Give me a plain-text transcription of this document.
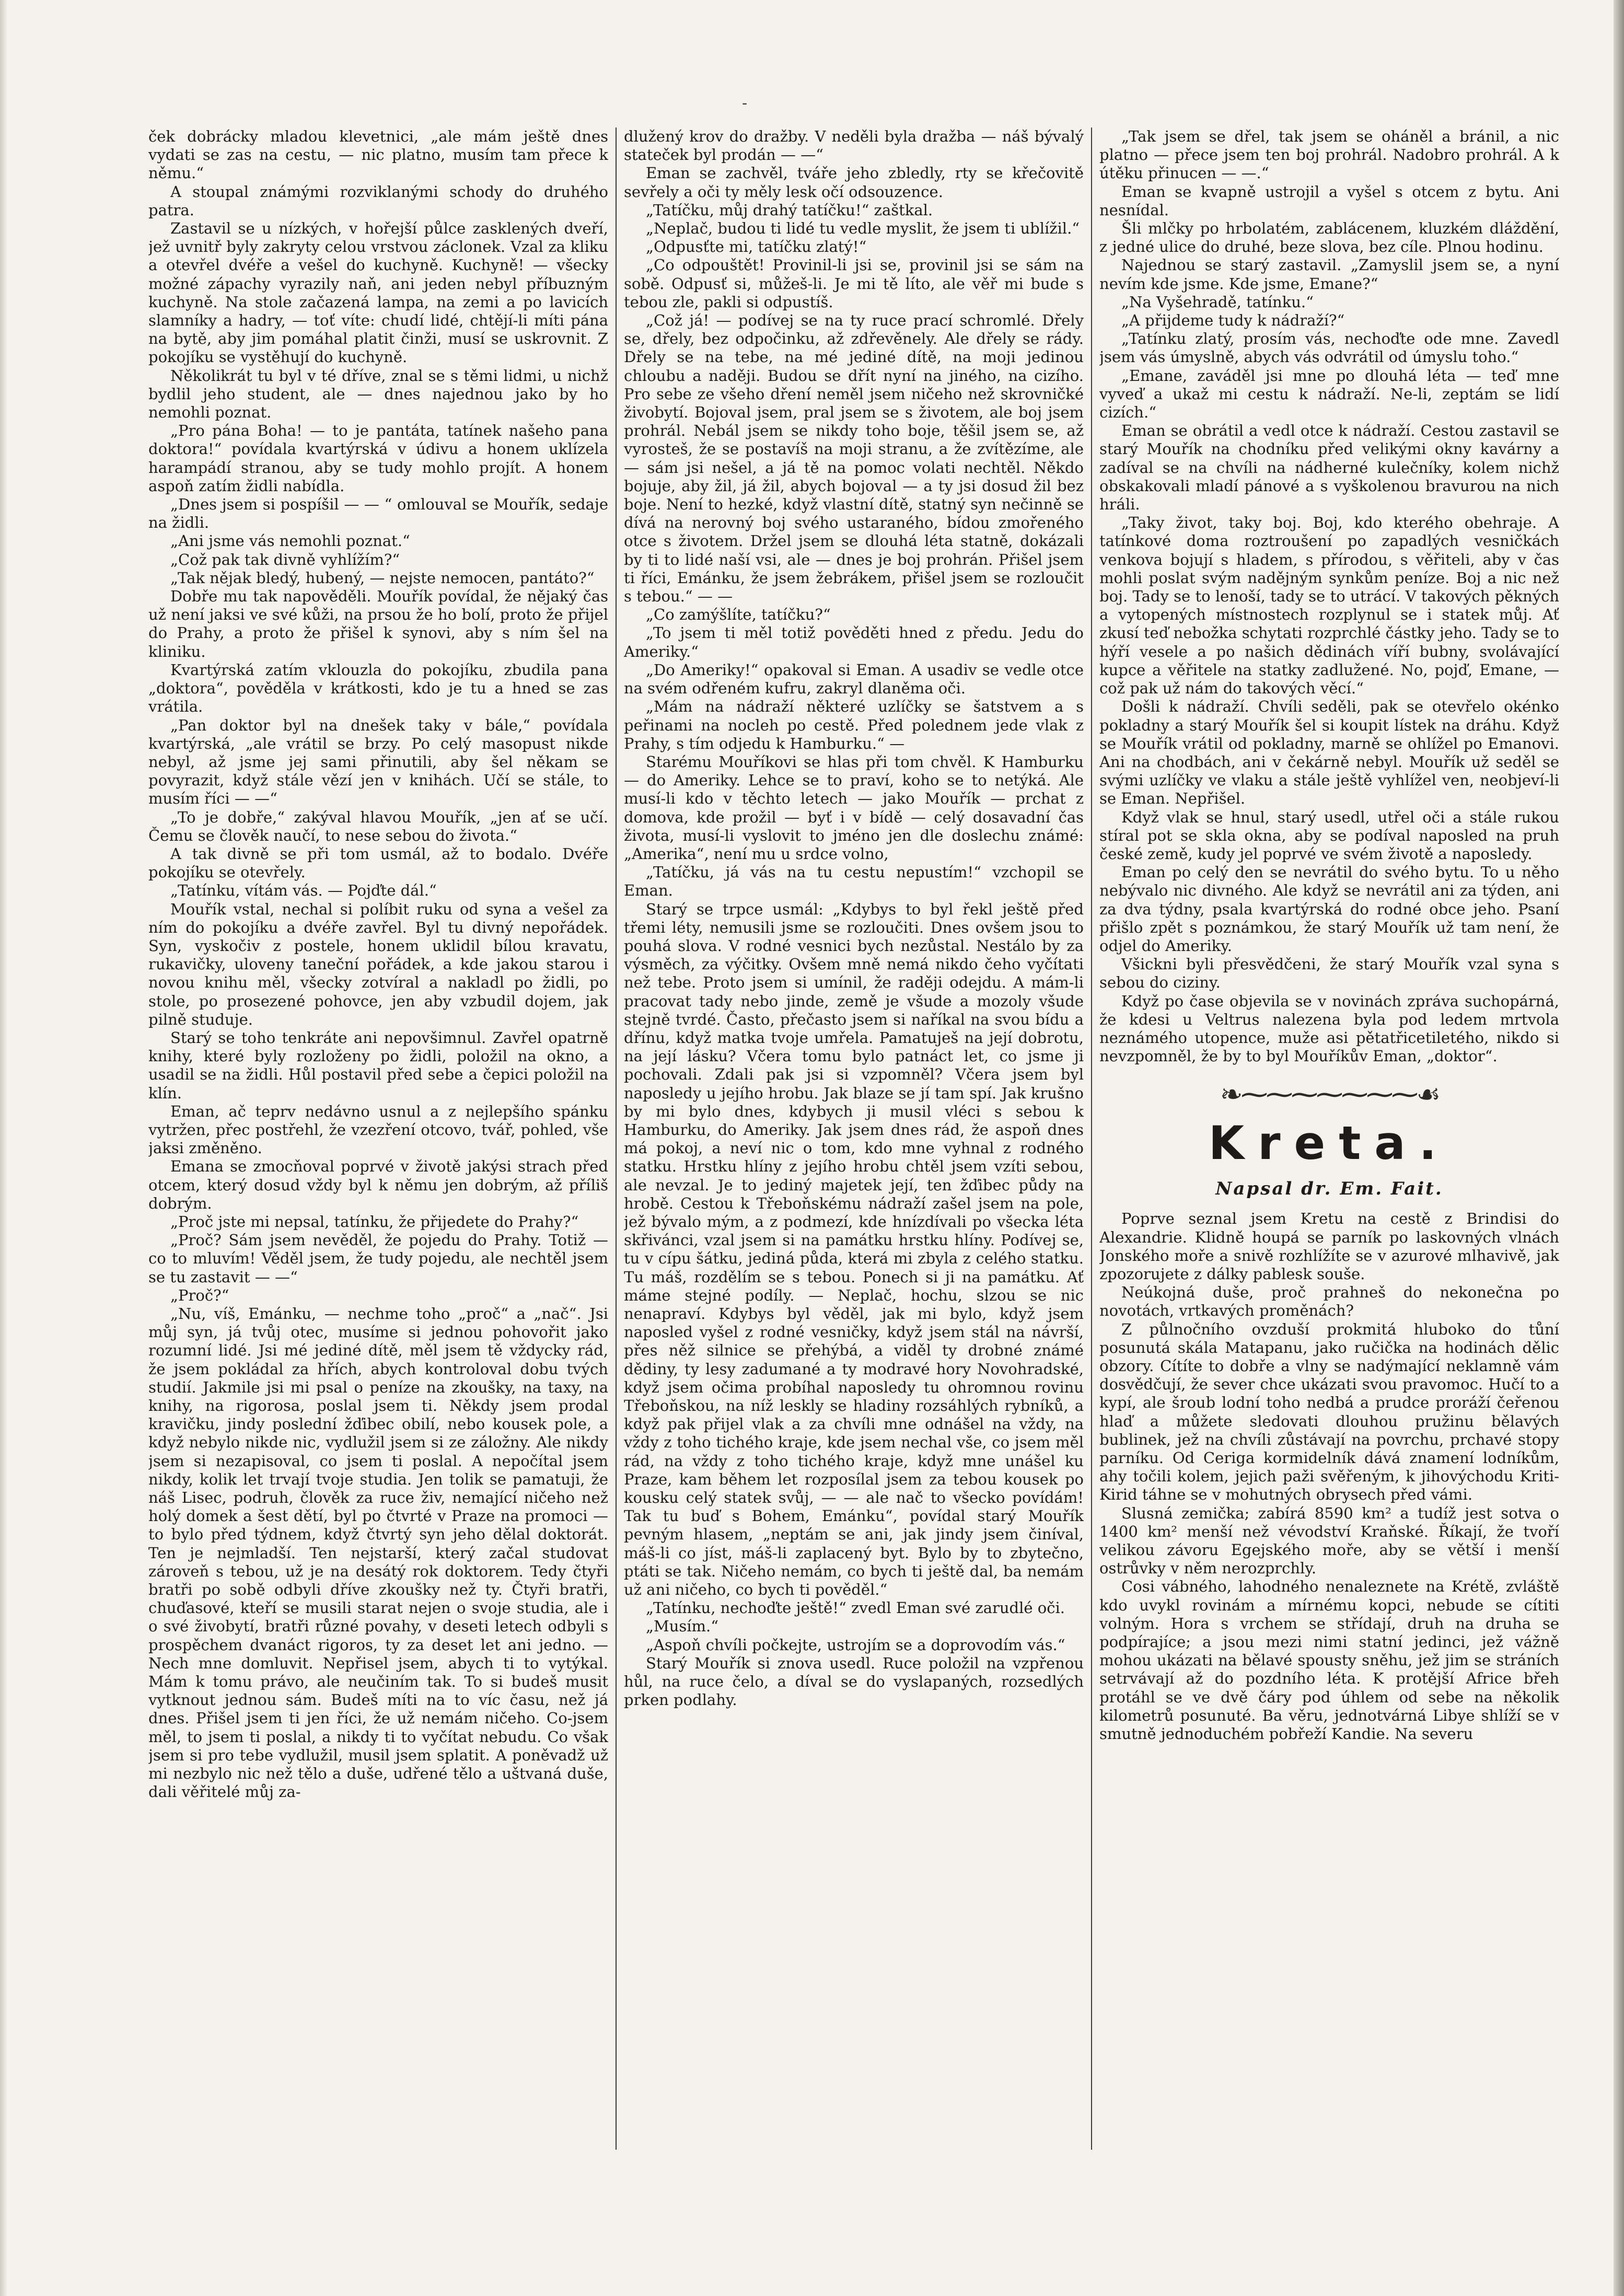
ček dobrácky mladou klevetnici, „ale mám ještě dnes vydati se zas na cestu, — nic platno, musím tam přece k němu.“

A stoupal známými rozviklanými schody do druhého patra.

Zastavil se u nízkých, v hořejší půlce zasklených dveří, jež uvnitř byly zakryty celou vrstvou záclonek. Vzal za kliku a otevřel dvéře a vešel do kuchyně. Kuchyně! — všecky možné zápachy vyrazily naň, ani jeden nebyl příbuzným kuchyně. Na stole začazená lampa, na zemi a po lavicích slamníky a hadry, — toť víte: chudí lidé, chtějí-li míti pána na bytě, aby jim pomáhal platit činži, musí se uskrovnit. Z pokojíku se vystěhují do kuchyně.

Několikrát tu byl v té dříve, znal se s těmi lidmi, u nichž bydlil jeho student, ale — dnes najednou jako by ho nemohli poznat.

„Pro pána Boha! — to je pantáta, tatínek našeho pana doktora!“ povídala kvartýrská v údivu a honem uklízela harampádí stranou, aby se tudy mohlo projít. A honem aspoň zatím židli nabídla.

„Dnes jsem si pospíšil — — “ omlouval se Mouřík, sedaje na židli.

„Ani jsme vás nemohli poznat.“

„Což pak tak divně vyhlížím?“

„Tak nějak bledý, hubený, — nejste nemocen, pantáto?“

Dobře mu tak napověděli. Mouřík povídal, že nějaký čas už není jaksi ve své kůži, na prsou že ho bolí, proto že přijel do Prahy, a proto že přišel k synovi, aby s ním šel na kliniku.

Kvartýrská zatím vklouzla do pokojíku, zbudila pana „doktora“, pověděla v krátkosti, kdo je tu a hned se zas vrátila.

„Pan doktor byl na dnešek taky v bále,“ povídala kvartýrská, „ale vrátil se brzy. Po celý masopust nikde nebyl, až jsme jej sami přinutili, aby šel někam se povyrazit, když stále vězí jen v knihách. Učí se stále, to musím říci — —“

„To je dobře,“ zakýval hlavou Mouřík, „jen ať se učí. Čemu se člověk naučí, to nese sebou do života.“

A tak divně se při tom usmál, až to bodalo. Dvéře pokojíku se otevřely.

„Tatínku, vítám vás. — Pojďte dál.“

Mouřík vstal, nechal si políbit ruku od syna a vešel za ním do pokojíku a dvéře zavřel. Byl tu divný nepořádek. Syn, vyskočiv z postele, honem uklidil bílou kravatu, rukavičky, uloveny taneční pořádek, a kde jakou starou i novou knihu měl, všecky zotvíral a nakladl po židli, po stole, po prosezené pohovce, jen aby vzbudil dojem, jak pilně studuje.

Starý se toho tenkráte ani nepovšimnul. Zavřel opatrně knihy, které byly rozloženy po židli, položil na okno, a usadil se na židli. Hůl postavil před sebe a čepici položil na klín.

Eman, ač teprv nedávno usnul a z nejlepšího spánku vytržen, přec postřehl, že vzezření otcovo, tvář, pohled, vše jaksi změněno.

Emana se zmocňoval poprvé v životě jakýsi strach před otcem, který dosud vždy byl k němu jen dobrým, až příliš dobrým.

„Proč jste mi nepsal, tatínku, že přijedete do Prahy?“

„Proč? Sám jsem nevěděl, že pojedu do Prahy. Totiž — co to mluvím! Věděl jsem, že tudy pojedu, ale nechtěl jsem se tu zastavit — —“

„Proč?“

„Nu, víš, Emánku, — nechme toho „proč“ a „nač“. Jsi můj syn, já tvůj otec, musíme si jednou pohovořit jako rozumní lidé. Jsi mé jediné dítě, měl jsem tě vždycky rád, že jsem pokládal za hřích, abych kontroloval dobu tvých studií. Jakmile jsi mi psal o peníze na zkoušky, na taxy, na knihy, na rigorosa, poslal jsem ti. Někdy jsem prodal kravičku, jindy poslední žďibec obilí, nebo kousek pole, a když nebylo nikde nic, vydlužil jsem si ze záložny. Ale nikdy jsem si nezapisoval, co jsem ti poslal. A nepočítal jsem nikdy, kolik let trvají tvoje studia. Jen tolik se pamatuji, že náš Lisec, podruh, člověk za ruce živ, nemající ničeho než holý domek a šest dětí, byl po čtvrté v Praze na promoci — to bylo před týdnem, když čtvrtý syn jeho dělal doktorát. Ten je nejmladší. Ten nejstarší, který začal studovat zároveň s tebou, už je na desátý rok doktorem. Tedy čtyři bratři po sobě odbyli dříve zkoušky než ty. Čtyři bratři, chuďasové, kteří se musili starat nejen o svoje studia, ale i o své živobytí, bratři různé povahy, v deseti letech odbyli s prospěchem dvanáct rigoros, ty za deset let ani jedno. — Nech mne domluvit. Nepřisel jsem, abych ti to vytýkal. Mám k tomu právo, ale neučiním tak. To si budeš musit vytknout jednou sám. Budeš míti na to víc času, než já dnes. Přišel jsem ti jen říci, že už nemám ničeho. Co-jsem měl, to jsem ti poslal, a nikdy ti to vyčítat nebudu. Co však jsem si pro tebe vydlužil, musil jsem splatit. A poněvadž už mi nezbylo nic než tělo a duše, udřené tělo a uštvaná duše, dali věřitelé můj za-

dlužený krov do dražby. V neděli byla dražba — náš bývalý stateček byl prodán — —“

Eman se zachvěl, tváře jeho zbledly, rty se křečovitě sevřely a oči ty měly lesk očí odsouzence.

„Tatíčku, můj drahý tatíčku!“ zaštkal.

„Neplač, budou ti lidé tu vedle myslit, že jsem ti ublížil.“

„Odpusťte mi, tatíčku zlatý!“

„Co odpouštět! Provinil-li jsi se, provinil jsi se sám na sobě. Odpusť si, můžeš-li. Je mi tě líto, ale věř mi bude s tebou zle, pakli si odpustíš.

„Což já! — podívej se na ty ruce prací schromlé. Dřely se, dřely, bez odpočinku, až zdřevěnely. Ale dřely se rády. Dřely se na tebe, na mé jediné dítě, na moji jedinou chloubu a naději. Budou se dřít nyní na jiného, na cizího. Pro sebe ze všeho dření neměl jsem ničeho než skrovničké živobytí. Bojoval jsem, pral jsem se s životem, ale boj jsem prohrál. Nebál jsem se nikdy toho boje, těšil jsem se, až vyrosteš, že se postavíš na moji stranu, a že zvítězíme, ale — sám jsi nešel, a já tě na pomoc volati nechtěl. Někdo bojuje, aby žil, já žil, abych bojoval — a ty jsi dosud žil bez boje. Není to hezké, když vlastní dítě, statný syn nečinně se dívá na nerovný boj svého ustaraného, bídou zmořeného otce s životem. Držel jsem se dlouhá léta statně, dokázali by ti to lidé naší vsi, ale — dnes je boj prohrán. Přišel jsem ti říci, Emánku, že jsem žebrákem, přišel jsem se rozloučit s tebou.“ — —

„Co zamýšlíte, tatíčku?“

„To jsem ti měl totiž pověděti hned z předu. Jedu do Ameriky.“

„Do Ameriky!“ opakoval si Eman. A usadiv se vedle otce na svém odřeném kufru, zakryl dlaněma oči.

„Mám na nádraží některé uzlíčky se šatstvem a s peřinami na nocleh po cestě. Před polednem jede vlak z Prahy, s tím odjedu k Hamburku.“ —

Starému Mouříkovi se hlas při tom chvěl. K Hamburku — do Ameriky. Lehce se to praví, koho se to netýká. Ale musí-li kdo v těchto letech — jako Mouřík — prchat z domova, kde prožil — byť i v bídě — celý dosavadní čas života, musí-li vyslovit to jméno jen dle doslechu známé: „Amerika“, není mu u srdce volno,

„Tatíčku, já vás na tu cestu nepustím!“ vzchopil se Eman.

Starý se trpce usmál: „Kdybys to byl řekl ještě před třemi léty, nemusili jsme se rozloučiti. Dnes ovšem jsou to pouhá slova. V rodné vesnici bych nezůstal. Nestálo by za výsměch, za výčitky. Ovšem mně nemá nikdo čeho vyčítati než tebe. Proto jsem si umínil, že raději odejdu. A mám-li pracovat tady nebo jinde, země je všude a mozoly všude stejně tvrdé. Často, přečasto jsem si naříkal na svou bídu a dřínu, když matka tvoje umřela. Pamatuješ na její dobrotu, na její lásku? Včera tomu bylo patnáct let, co jsme ji pochovali. Zdali pak jsi si vzpomněl? Včera jsem byl naposledy u jejího hrobu. Jak blaze se jí tam spí. Jak krušno by mi bylo dnes, kdybych ji musil vléci s sebou k Hamburku, do Ameriky. Jak jsem dnes rád, že aspoň dnes má pokoj, a neví nic o tom, kdo mne vyhnal z rodného statku. Hrstku hlíny z jejího hrobu chtěl jsem vzíti sebou, ale nevzal. Je to jediný majetek její, ten žďibec půdy na hrobě. Cestou k Třeboňskému nádraží zašel jsem na pole, jež bývalo mým, a z podmezí, kde hnízdívali po všecka léta skřivánci, vzal jsem si na památku hrstku hlíny. Podívej se, tu v cípu šátku, jediná půda, která mi zbyla z celého statku. Tu máš, rozdělím se s tebou. Ponech si ji na památku. Ať máme stejné podíly. — Neplač, hochu, slzou se nic nenapraví. Kdybys byl věděl, jak mi bylo, když jsem naposled vyšel z rodné vesničky, když jsem stál na návrší, přes něž silnice se přehýbá, a viděl ty drobné známé dědiny, ty lesy zadumané a ty modravé hory Novohradské, když jsem očima probíhal naposledy tu ohromnou rovinu Třeboňskou, na níž leskly se hladiny rozsáhlých rybníků, a když pak přijel vlak a za chvíli mne odnášel na vždy, na vždy z toho tichého kraje, kde jsem nechal vše, co jsem měl rád, na vždy z toho tichého kraje, když mne unášel ku Praze, kam během let rozposílal jsem za tebou kousek po kousku celý statek svůj, — — ale nač to všecko povídám! Tak tu buď s Bohem, Emánku“, povídal starý Mouřík pevným hlasem, „neptám se ani, jak jindy jsem činíval, máš-li co jíst, máš-li zaplacený byt. Bylo by to zbytečno, ptáti se tak. Ničeho nemám, co bych ti ještě dal, ba nemám už ani ničeho, co bych ti pověděl.“

„Tatínku, nechoďte ještě!“ zvedl Eman své zarudlé oči.

„Musím.“

„Aspoň chvíli počkejte, ustrojím se a doprovodím vás.“

Starý Mouřík si znova usedl. Ruce položil na vzpřenou hůl, na ruce čelo, a díval se do vyslapaných, rozsedlých prken podlahy.

„Tak jsem se dřel, tak jsem se oháněl a bránil, a nic platno — přece jsem ten boj prohrál. Nadobro prohrál. A k útěku přinucen — —.“

Eman se kvapně ustrojil a vyšel s otcem z bytu. Ani nesnídal.

Šli mlčky po hrbolatém, zablácenem, kluzkém dláždění, z jedné ulice do druhé, beze slova, bez cíle. Plnou hodinu.

Najednou se starý zastavil. „Zamyslil jsem se, a nyní nevím kde jsme. Kde jsme, Emane?“

„Na Vyšehradě, tatínku.“

„A přijdeme tudy k nádraží?“

„Tatínku zlatý, prosím vás, nechoďte ode mne. Zavedl jsem vás úmyslně, abych vás odvrátil od úmyslu toho.“

„Emane, zaváděl jsi mne po dlouhá léta — teď mne vyveď a ukaž mi cestu k nádraží. Ne-li, zeptám se lidí cizích.“

Eman se obrátil a vedl otce k nádraží. Cestou zastavil se starý Mouřík na chodníku před velikými okny kavárny a zadíval se na chvíli na nádherné kulečníky, kolem nichž obskakovali mladí pánové a s vyškolenou bravurou na nich hráli.

„Taky život, taky boj. Boj, kdo kterého obehraje. A tatínkové doma roztroušení po zapadlých vesničkách venkova bojují s hladem, s přírodou, s věřiteli, aby v čas mohli poslat svým nadějným synkům peníze. Boj a nic než boj. Tady se to lenoší, tady se to utrácí. V takových pěkných a vytopených místnostech rozplynul se i statek můj. Ať zkusí teď nebožka schytati rozprchlé částky jeho. Tady se to hýří vesele a po našich dědinách víří bubny, svolávající kupce a věřitele na statky zadlužené. No, pojď, Emane, — což pak už nám do takových věcí.“

Došli k nádraží. Chvíli seděli, pak se otevřelo okénko pokladny a starý Mouřík šel si koupit lístek na dráhu. Když se Mouřík vrátil od pokladny, marně se ohlížel po Emanovi. Ani na chodbách, ani v čekárně nebyl. Mouřík už seděl se svými uzlíčky ve vlaku a stále ještě vyhlížel ven, neobjeví-li se Eman. Nepřišel.

Když vlak se hnul, starý usedl, utřel oči a stále rukou stíral pot se skla okna, aby se podíval naposled na pruh české země, kudy jel poprvé ve svém životě a naposledy.

Eman po celý den se nevrátil do svého bytu. To u něho nebývalo nic divného. Ale když se nevrátil ani za týden, ani za dva týdny, psala kvartýrská do rodné obce jeho. Psaní přišlo zpět s poznámkou, že starý Mouřík už tam není, že odjel do Ameriky.

Všickni byli přesvědčeni, že starý Mouřík vzal syna s sebou do ciziny.

Když po čase objevila se v novinách zpráva suchopárná, že kdesi u Veltrus nalezena byla pod ledem mrtvola neznámého utopence, muže asi pětatřicetiletého, nikdo si nevzpomněl, že by to byl Mouříkův Eman, „doktor“.

❧⁓⁓⁓⁓⁓⁓⁓☙
Kreta.
Napsal dr. Em. Fait.

Poprve seznal jsem Kretu na cestě z Brindisi do Alexandrie. Klidně houpá se parník po laskovných vlnách Jonského moře a snivě rozhlížíte se v azurové mlhavivě, jak zpozorujete z dálky pablesk souše.

Neúkojná duše, proč prahneš do nekonečna po novotách, vrtkavých proměnách?

Z půlnočního ovzduší prokmitá hluboko do tůní posunutá skála Matapanu, jako ručička na hodinách dělic obzory. Cítíte to dobře a vlny se nadýmající neklamně vám dosvědčují, že sever chce ukázati svou pravomoc. Hučí to a kypí, ale šroub lodní toho nedbá a prudce proráží čeřenou hlaď a můžete sledovati dlouhou pružinu bělavých bublinek, jež na chvíli zůstávají na povrchu, prchavé stopy parníku. Od Ceriga kormidelník dává znamení lodníkům, ahy točili kolem, jejich paži svěřeným, k jihovýchodu Kriti-Kirid táhne se v mohutných obrysech před vámi.

Slusná zemička; zabírá 8590 km² a tudíž jest sotva o 1400 km² menší než vévodství Kraňské. Říkají, že tvoří velikou závoru Egejského moře, aby se větší i menší ostrůvky v něm nerozprchly.

Cosi vábného, lahodného nenaleznete na Krétě, zvláště kdo uvykl rovinám a mírnému kopci, nebude se cítiti volným. Hora s vrchem se střídají, druh na druha se podpírajíce; a jsou mezi nimi statní jedinci, jež vážně mohou ukázati na bělavé spousty sněhu, jež jim se stráních setrvávají až do pozdního léta. K protější Africe břeh protáhl se ve dvě čáry pod úhlem od sebe na několik kilometrů posunuté. Ba věru, jednotvárná Libye shlíží se v smutně jednoduchém pobřeží Kandie. Na severu

-
